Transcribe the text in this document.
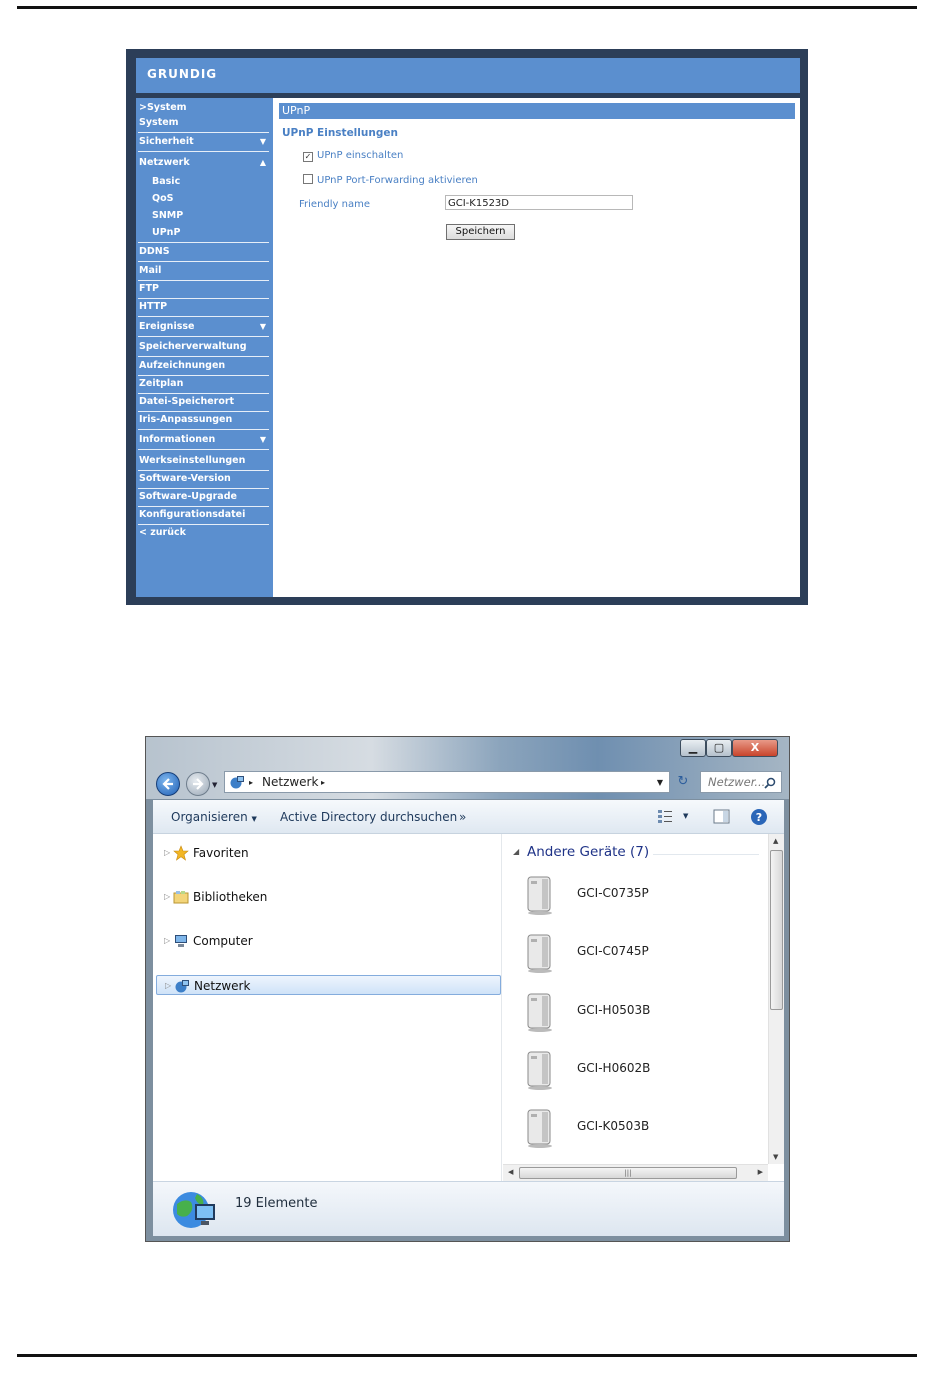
GRUNDIG
>System
System
Sicherheit	▼
Netzwerk	▲
Basic
QoS
SNMP
UPnP
DDNS
Mail
FTP
HTTP
Ereignisse	▼
Speicherverwaltung
Aufzeichnungen
Zeitplan
Datei-Speicherort
Iris-Anpassungen
Informationen	▼
Werkseinstellungen
Software-Version
Software-Upgrade
Konfigurationsdatei
< zurück
UPnP
UPnP Einstellungen
✓ UPnP einschalten
UPnP Port-Forwarding aktivieren
Friendly name	GCI-K1523D
Speichern
▁	▢	X
▼	▸ Netzwerk ▸	▼	↻	Netzwer...
Organisieren ▼ Active Directory durchsuchen »	▼	?
▷ Favoriten
▷ Bibliotheken
▷ Computer
▷ Netzwerk
◢ Andere Geräte (7)
GCI-C0735P
GCI-C0745P
GCI-H0503B
GCI-H0602B
GCI-K0503B
▲
▼
◀	|||	▶
19 Elemente
